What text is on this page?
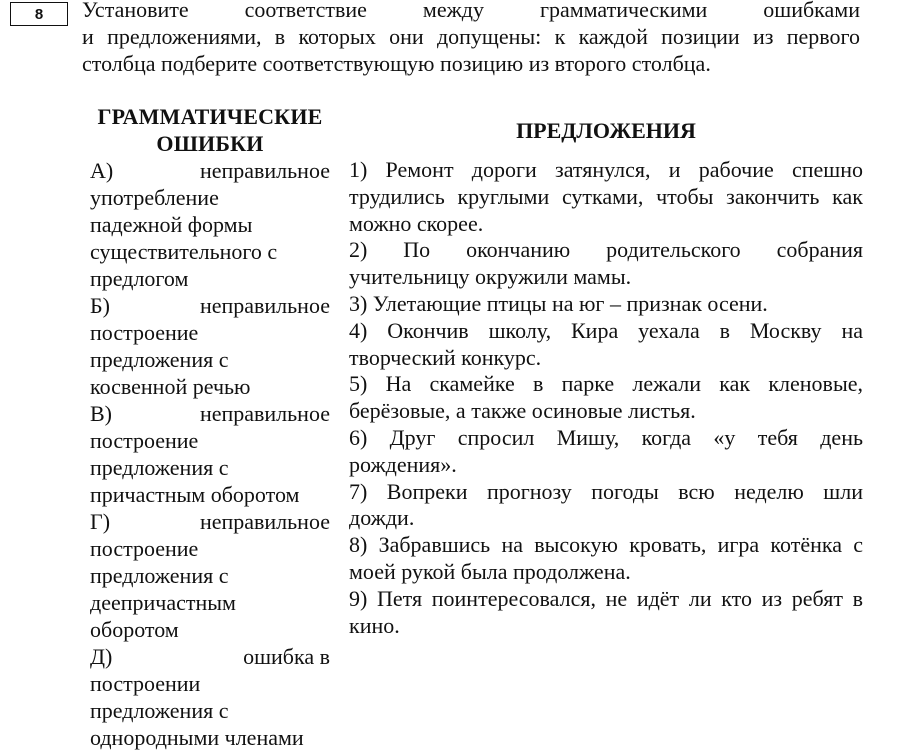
8 Установите соответствие между грамматическими ошибками
и предложениями, в которых они допущены: к каждой позиции из первого
столбца подберите соответствующую позицию из второго столбца.
ГРАММАТИЧЕСКИЕ
ОШИБКИ
А)	неправильное
употребление
падежной формы
существительного с
предлогом
Б)	неправильное
построение
предложения с
косвенной речью
В)	неправильное
построение
предложения с
причастным оборотом
Г)	неправильное
построение
предложения с
деепричастным
оборотом
Д)	ошибка в
построении
предложения с
однородными членами
ПРЕДЛОЖЕНИЯ
1) Ремонт дороги затянулся, и рабочие спешно
трудились круглыми сутками, чтобы закончить как
можно скорее.
2) По окончанию родительского собрания
учительницу окружили мамы.
3) Улетающие птицы на юг – признак осени.
4) Окончив школу, Кира уехала в Москву на
творческий конкурс.
5) На скамейке в парке лежали как кленовые,
берёзовые, а также осиновые листья.
6) Друг спросил Мишу, когда «у тебя день
рождения».
7) Вопреки прогнозу погоды всю неделю шли
дожди.
8) Забравшись на высокую кровать, игра котёнка с
моей рукой была продолжена.
9) Петя поинтересовался, не идёт ли кто из ребят в
кино.
